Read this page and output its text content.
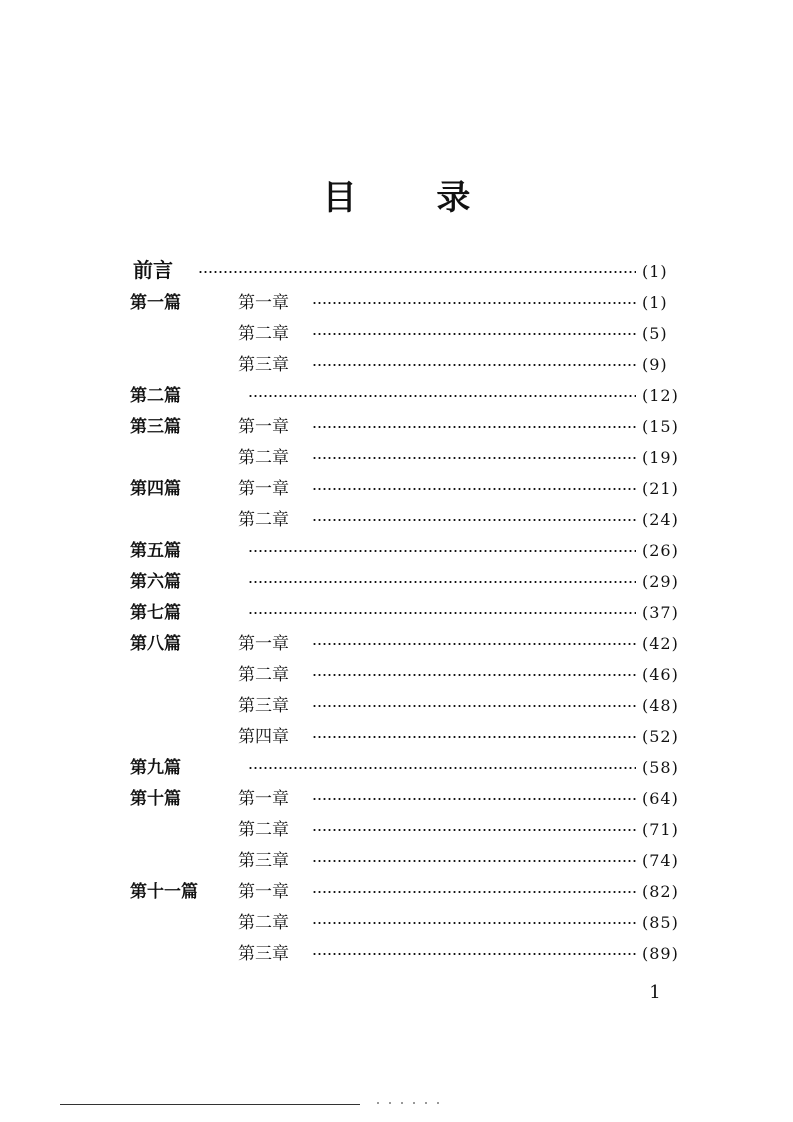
目 录
前言	(1)
第一篇	第一章	(1)
第二章	(5)
第三章	(9)
第二篇	(12)
第三篇	第一章	(15)
第二章	(19)
第四篇	第一章	(21)
第二章	(24)
第五篇	(26)
第六篇	(29)
第七篇	(37)
第八篇	第一章	(42)
第二章	(46)
第三章	(48)
第四章	(52)
第九篇	(58)
第十篇	第一章	(64)
第二章	(71)
第三章	(74)
第十一篇 第一章	(82)
第二章	(85)
第三章	(89)
1
